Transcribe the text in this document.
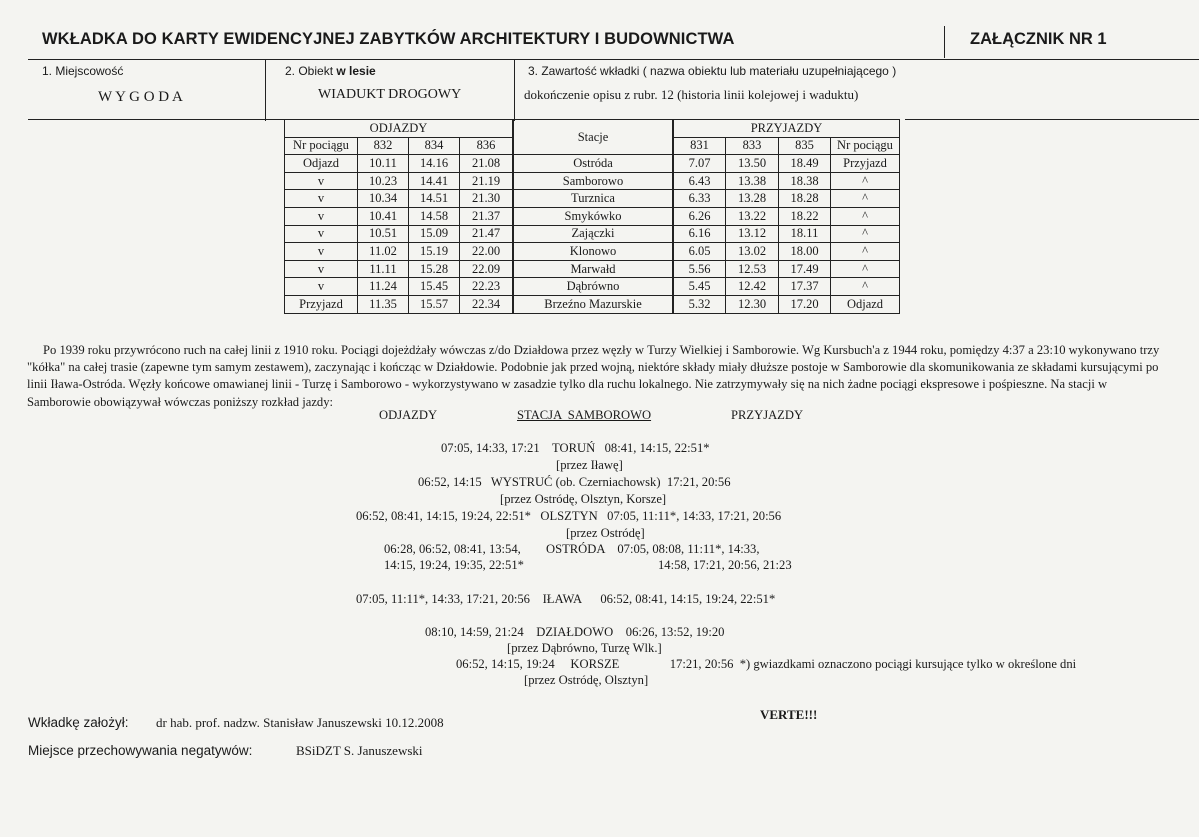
WKŁADKA DO KARTY EWIDENCYJNEJ ZABYTKÓW ARCHITEKTURY I BUDOWNICTWA	ZAŁĄCZNIK NR 1
1. Miejscowość
W Y G O D A
2. Obiekt w lesie
WIADUKT DROGOWY
3. Zawartość wkładki ( nazwa obiektu lub materiału uzupełniającego )
dokończenie opisu z rubr. 12 (historia linii kolejowej i waduktu)
ODJAZDY				Stacje	PRZYJAZDY			
Nr pociągu	832	834	836		831	833	835	Nr pociągu
Odjazd	10.11	14.16	21.08	Ostróda	7.07	13.50	18.49	Przyjazd
v	10.23	14.41	21.19	Samborowo	6.43	13.38	18.38	^
v	10.34	14.51	21.30	Turznica	6.33	13.28	18.28	^
v	10.41	14.58	21.37	Smykówko	6.26	13.22	18.22	^
v	10.51	15.09	21.47	Zajączki	6.16	13.12	18.11	^
v	11.02	15.19	22.00	Klonowo	6.05	13.02	18.00	^
v	11.11	15.28	22.09	Marwałd	5.56	12.53	17.49	^
v	11.24	15.45	22.23	Dąbrówno	5.45	12.42	17.37	^
Przyjazd	11.35	15.57	22.34	Brzeźno Mazurskie	5.32	12.30	17.20	Odjazd
Po 1939 roku przywrócono ruch na całej linii z 1910 roku. Pociągi dojeżdżały wówczas z/do Działdowa przez węzły w Turzy Wielkiej i Samborowie. Wg Kursbuch'a z 1944 roku, pomiędzy 4:37 a 23:10 wykonywano trzy "kółka" na całej trasie (zapewne tym samym zestawem), zaczynając i kończąc w Działdowie. Podobnie jak przed wojną, niektóre składy miały dłuższe postoje w Samborowie dla skomunikowania ze składami kursującymi po linii Iława-Ostróda. Węzły końcowe omawianej linii - Turzę i Samborowo - wykorzystywano w zasadzie tylko dla ruchu lokalnego. Nie zatrzymywały się na nich żadne pociągi ekspresowe i pośpieszne. Na stacji w Samborowie obowiązywał wówczas poniższy rozkład jazdy:
ODJAZDY	STACJA  SAMBOROWO	PRZYJAZDY
07:05, 14:33, 17:21    TORUŃ   08:41, 14:15, 22:51*
[przez Iławę]
06:52, 14:15   WYSTRUĆ (ob. Czerniachowsk)  17:21, 20:56
[przez Ostródę, Olsztyn, Korsze]
06:52, 08:41, 14:15, 19:24, 22:51*   OLSZTYN   07:05, 11:11*, 14:33, 17:21, 20:56
[przez Ostródę]
06:28, 06:52, 08:41, 13:54,        OSTRÓDA    07:05, 08:08, 11:11*, 14:33,
14:15, 19:24, 19:35, 22:51*	14:58, 17:21, 20:56, 21:23
07:05, 11:11*, 14:33, 17:21, 20:56    IŁAWA      06:52, 08:41, 14:15, 19:24, 22:51*
08:10, 14:59, 21:24    DZIAŁDOWO    06:26, 13:52, 19:20
[przez Dąbrówno, Turzę Wlk.]
06:52, 14:15, 19:24     KORSZE                17:21, 20:56  *) gwiazdkami oznaczono pociągi kursujące tylko w określone dni
[przez Ostródę, Olsztyn]
VERTE!!!
Wkładkę założył: dr hab. prof. nadzw. Stanisław Januszewski 10.12.2008
Miejsce przechowywania negatywów:	BSiDZT S. Januszewski
